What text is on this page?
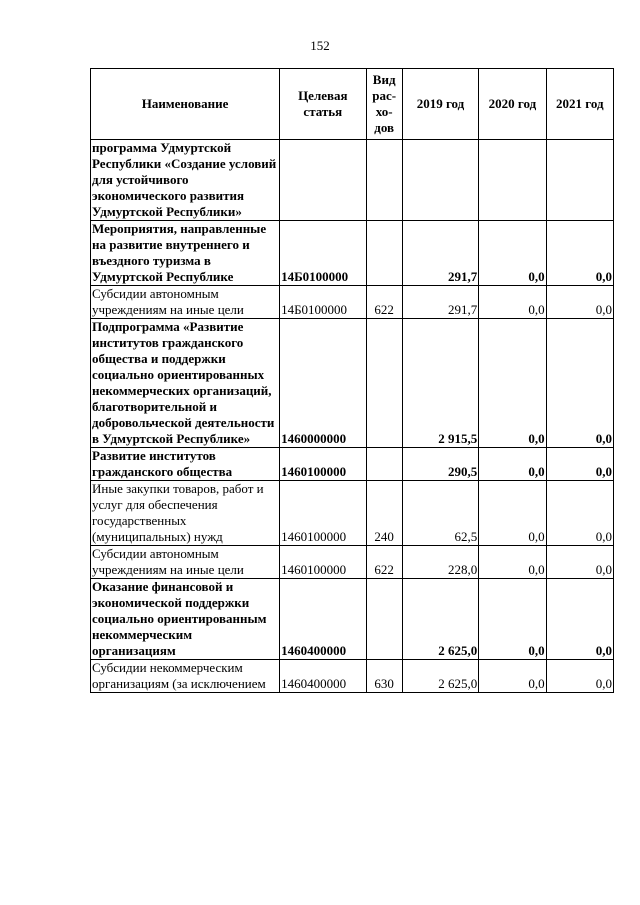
152
Наименование	Целевая статья	Вид рас-хо-дов	2019 год	2020 год	2021 год
программа Удмуртской Республики «Создание условий для устойчивого экономического развития Удмуртской Республики»					
Мероприятия, направленные на развитие внутреннего и въездного туризма в Удмуртской Республике	14Б0100000		291,7	0,0	0,0
Субсидии автономным учреждениям на иные цели	14Б0100000	622	291,7	0,0	0,0
Подпрограмма «Развитие институтов гражданского общества и поддержки социально ориентированных некоммерческих организаций, благотворительной и добровольческой деятельности в Удмуртской Республике»	1460000000		2 915,5	0,0	0,0
Развитие институтов гражданского общества	1460100000		290,5	0,0	0,0
Иные закупки товаров, работ и услуг для обеспечения государственных (муниципальных) нужд	1460100000	240	62,5	0,0	0,0
Субсидии автономным учреждениям на иные цели	1460100000	622	228,0	0,0	0,0
Оказание финансовой и экономической поддержки социально ориентированным некоммерческим организациям	1460400000		2 625,0	0,0	0,0
Субсидии некоммерческим организациям (за исключением	1460400000	630	2 625,0	0,0	0,0
